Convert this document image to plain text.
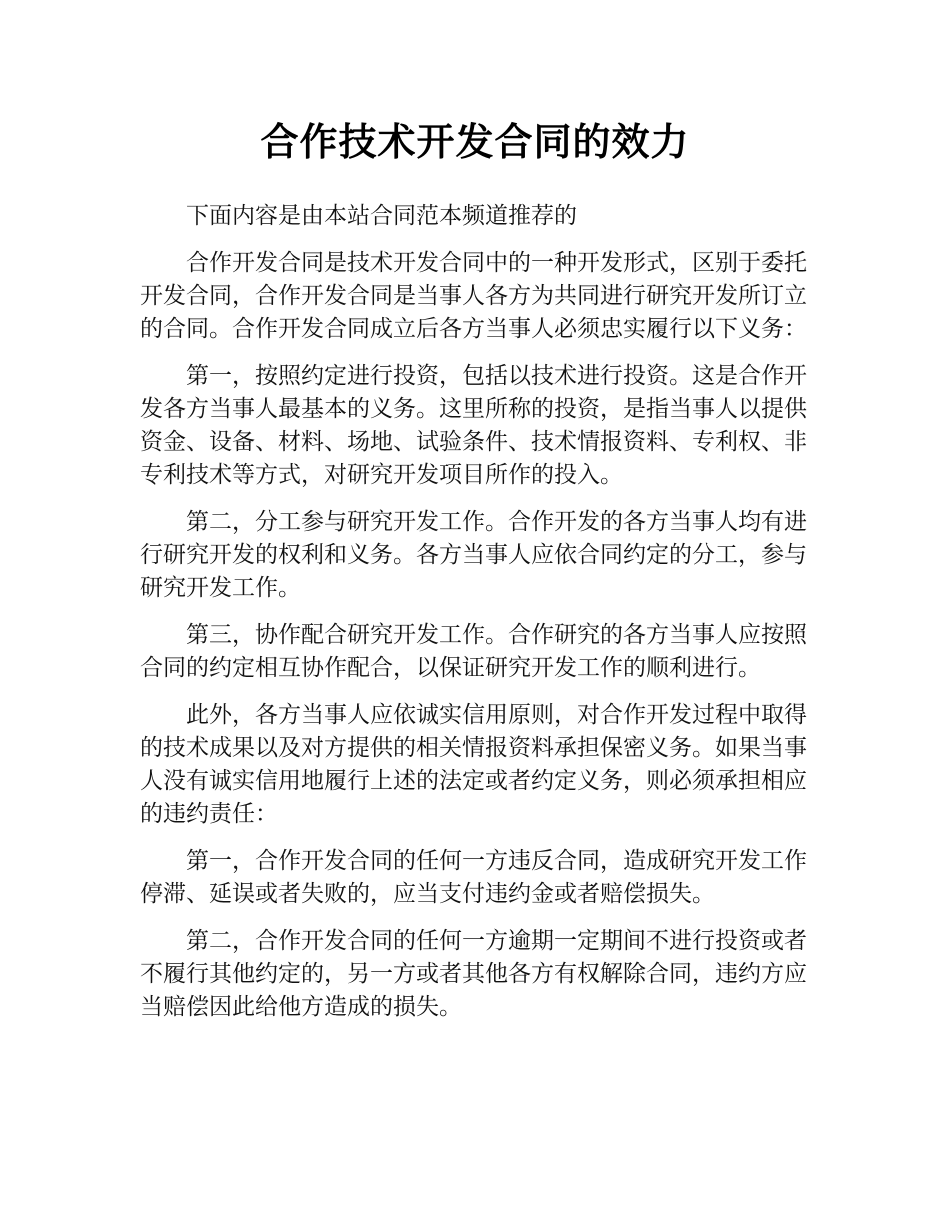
合作技术开发合同的效力

下面内容是由本站合同范本频道推荐的

合作开发合同是技术开发合同中的一种开发形式，区别于委托开发合同，合作开发合同是当事人各方为共同进行研究开发所订立的合同。合作开发合同成立后各方当事人必须忠实履行以下义务：

第一，按照约定进行投资，包括以技术进行投资。这是合作开发各方当事人最基本的义务。这里所称的投资，是指当事人以提供资金、设备、材料、场地、试验条件、技术情报资料、专利权、非专利技术等方式，对研究开发项目所作的投入。

第二，分工参与研究开发工作。合作开发的各方当事人均有进行研究开发的权利和义务。各方当事人应依合同约定的分工，参与研究开发工作。

第三，协作配合研究开发工作。合作研究的各方当事人应按照合同的约定相互协作配合，以保证研究开发工作的顺利进行。

此外，各方当事人应依诚实信用原则，对合作开发过程中取得的技术成果以及对方提供的相关情报资料承担保密义务。如果当事人没有诚实信用地履行上述的法定或者约定义务，则必须承担相应的违约责任：

第一，合作开发合同的任何一方违反合同，造成研究开发工作停滞、延误或者失败的，应当支付违约金或者赔偿损失。

第二，合作开发合同的任何一方逾期一定期间不进行投资或者不履行其他约定的，另一方或者其他各方有权解除合同，违约方应当赔偿因此给他方造成的损失。
